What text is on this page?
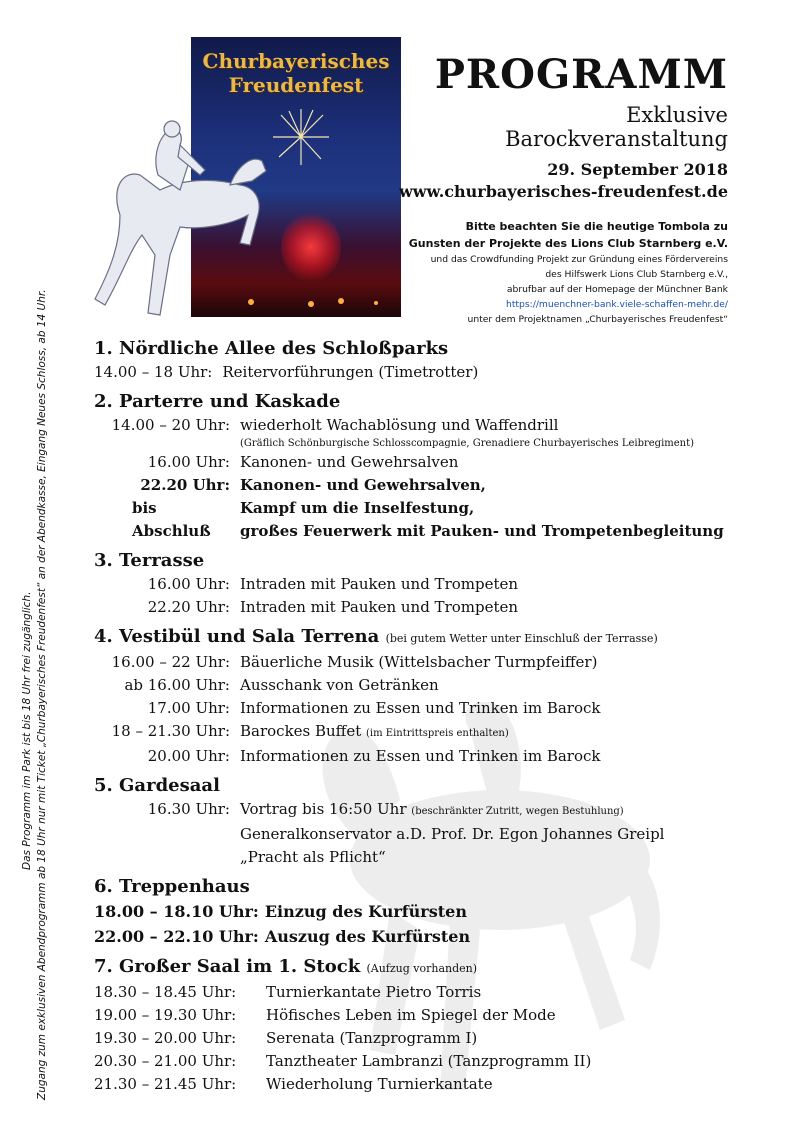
Churbayerisches
Freudenfest	PROGRAMM
Exklusive
Barockveranstaltung
29. September 2018
www.churbayerisches-freudenfest.de
Bitte beachten Sie die heutige Tombola zu
Gunsten der Projekte des Lions Club Starnberg e.V.
und das Crowdfunding Projekt zur Gründung eines Fördervereins
des Hilfswerk Lions Club Starnberg e.V.,
abrufbar auf der Homepage der Münchner Bank
https://muenchner-bank.viele-schaffen-mehr.de/
unter dem Projektnamen „Churbayerisches Freudenfest“
Das Programm im Park ist bis 18 Uhr frei zugänglich. Zugang zum exklusiven Abendprogramm ab 18 Uhr nur mit Ticket „Churbayerisches Freudenfest“ an der Abendkasse, Eingang Neues Schloss, ab 14 Uhr.	1. Nördliche Allee des Schloßparks
14.00 – 18 Uhr: Reitervorführungen (Timetrotter)
2. Parterre und Kaskade
14.00 – 20 Uhr: wiederholt Wachablösung und Waffendrill
(Gräflich Schönburgische Schlosscompagnie, Grenadiere Churbayerisches Leibregiment)
16.00 Uhr: Kanonen- und Gewehrsalven
22.20 Uhr: Kanonen- und Gewehrsalven,
bis	Kampf um die Inselfestung,
Abschluß	großes Feuerwerk mit Pauken- und Trompetenbegleitung
3. Terrasse
16.00 Uhr: Intraden mit Pauken und Trompeten
22.20 Uhr: Intraden mit Pauken und Trompeten
4. Vestibül und Sala Terrena (bei gutem Wetter unter Einschluß der Terrasse)
16.00 – 22 Uhr: Bäuerliche Musik (Wittelsbacher Turmpfeiffer)
ab 16.00 Uhr: Ausschank von Getränken
17.00 Uhr: Informationen zu Essen und Trinken im Barock
18 – 21.30 Uhr: Barockes Buffet (im Eintrittspreis enthalten)
20.00 Uhr: Informationen zu Essen und Trinken im Barock
5. Gardesaal
16.30 Uhr: Vortrag bis 16:50 Uhr (beschränkter Zutritt, wegen Bestuhlung)
Generalkonservator a.D. Prof. Dr. Egon Johannes Greipl
„Pracht als Pflicht“
6. Treppenhaus
18.00 – 18.10 Uhr: Einzug des Kurfürsten
22.00 – 22.10 Uhr: Auszug des Kurfürsten
7. Großer Saal im 1. Stock (Aufzug vorhanden)
18.30 – 18.45 Uhr:	Turnierkantate Pietro Torris
19.00 – 19.30 Uhr:	Höfisches Leben im Spiegel der Mode
19.30 – 20.00 Uhr:	Serenata (Tanzprogramm I)
20.30 – 21.00 Uhr:	Tanztheater Lambranzi (Tanzprogramm II)
21.30 – 21.45 Uhr:	Wiederholung Turnierkantate
